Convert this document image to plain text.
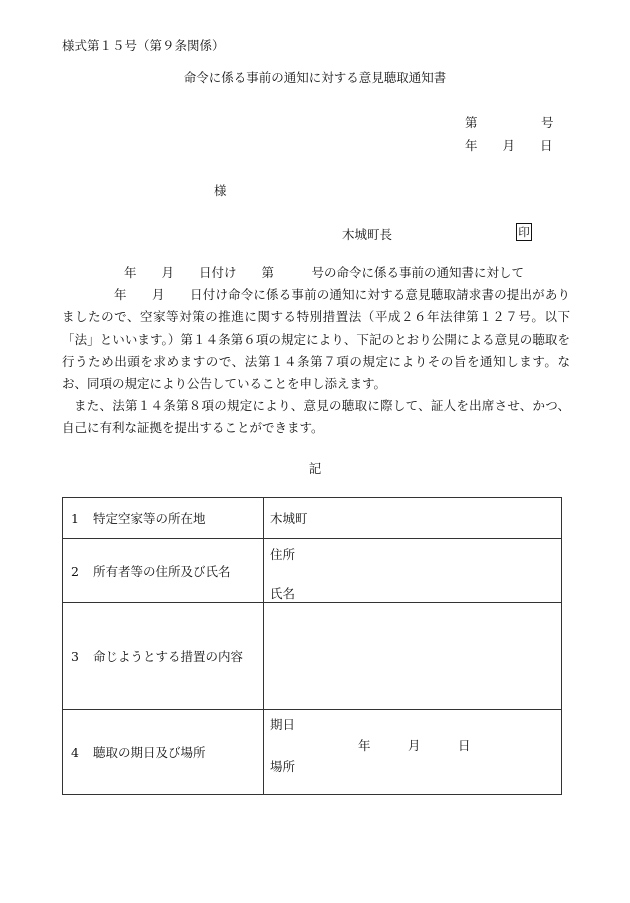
様式第１５号（第９条関係）
命令に係る事前の通知に対する意見聴取通知書
第	号
年 月 日
様
木城町長	印

年　　月　　日付け　　第　　　号の命令に係る事前の通知書に対して

年　　月　　日付け命令に係る事前の通知に対する意見聴取請求書の提出がありましたので、空家等対策の推進に関する特別措置法（平成２６年法律第１２７号。以下「法」といいます。）第１４条第６項の規定により、下記のとおり公開による意見の聴取を行うため出頭を求めますので、法第１４条第７項の規定によりその旨を通知します。なお、同項の規定により公告していることを申し添えます。

また、法第１４条第８項の規定により、意見の聴取に際して、証人を出席させ、かつ、自己に有利な証拠を提出することができます。

記
1 特定空家等の所在地	木城町
2 所有者等の住所及び氏名	住所
氏名

3 命じようとする措置の内容	
4 聴取の期日及び場所	期日
年　　　月　　　日
場所
